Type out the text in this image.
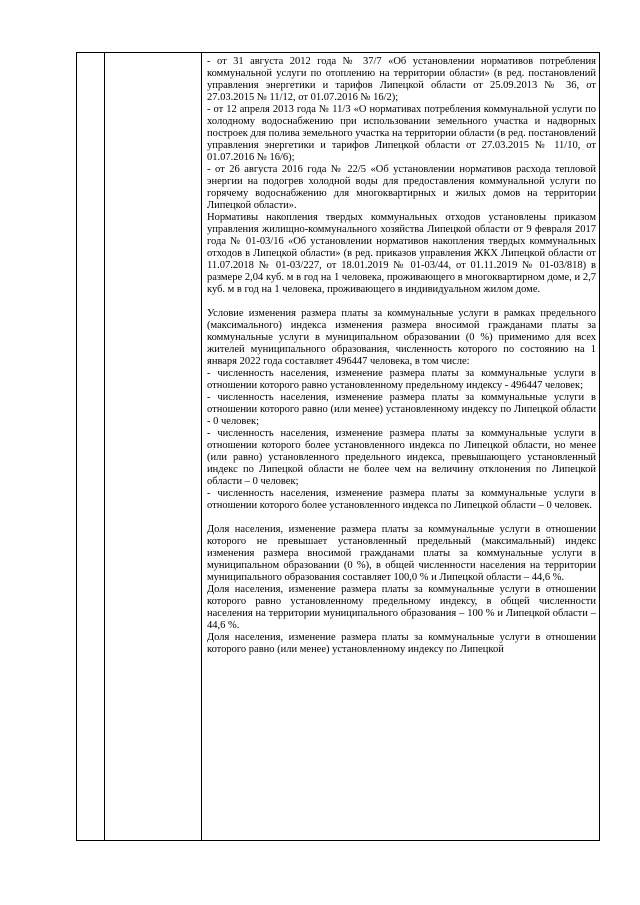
- от 31 августа 2012 года № 37/7 «Об установлении нормативов потребления коммунальной услуги по отоплению на территории области» (в ред. постановлений управления энергетики и тарифов Липецкой области от 25.09.2013 № 36, от 27.03.2015 № 11/12, от 01.07.2016 № 16/2);

- от 12 апреля 2013 года № 11/3 «О нормативах потребления коммунальной услуги по холодному водоснабжению при использовании земельного участка и надворных построек для полива земельного участка на территории области (в ред. постановлений управления энергетики и тарифов Липецкой области от 27.03.2015 № 11/10, от 01.07.2016 № 16/6);

- от 26 августа 2016 года № 22/5 «Об установлении нормативов расхода тепловой энергии на подогрев холодной воды для предоставления коммунальной услуги по горячему водоснабжению для многоквартирных и жилых домов на территории Липецкой области».

Нормативы накопления твердых коммунальных отходов установлены приказом управления жилищно-коммунального хозяйства Липецкой области от 9 февраля 2017 года № 01-03/16 «Об установлении нормативов накопления твердых коммунальных отходов в Липецкой области» (в ред. приказов управления ЖКХ Липецкой области от 11.07.2018 № 01-03/227, от 18.01.2019 № 01-03/44, от 01.11.2019 № 01-03/818) в размере 2,04 куб. м в год на 1 человека, проживающего в многоквартирном доме, и 2,7 куб. м в год на 1 человека, проживающего в индивидуальном жилом доме.

Условие изменения размера платы за коммунальные услуги в рамках предельного (максимального) индекса изменения размера вносимой гражданами платы за коммунальные услуги в муниципальном образовании (0 %) применимо для всех жителей муниципального образования, численность которого по состоянию на 1 января 2022 года составляет 496447 человека, в том числе:

- численность населения, изменение размера платы за коммунальные услуги в отношении которого равно установленному предельному индексу - 496447 человек;

- численность населения, изменение размера платы за коммунальные услуги в отношении которого равно (или менее) установленному индексу по Липецкой области - 0 человек;

- численность населения, изменение размера платы за коммунальные услуги в отношении которого более установленного индекса по Липецкой области, но менее (или равно) установленного предельного индекса, превышающего установленный индекс по Липецкой области не более чем на величину отклонения по Липецкой области – 0 человек;

- численность населения, изменение размера платы за коммунальные услуги в отношении которого более установленного индекса по Липецкой области – 0 человек.

Доля населения, изменение размера платы за коммунальные услуги в отношении которого не превышает установленный предельный (максимальный) индекс изменения размера вносимой гражданами платы за коммунальные услуги в муниципальном образовании (0 %), в общей численности населения на территории муниципального образования составляет 100,0 % и Липецкой области – 44,6 %.

Доля населения, изменение размера платы за коммунальные услуги в отношении которого равно установленному предельному индексу, в общей численности населения на территории муниципального образования – 100 % и Липецкой области – 44,6 %.

Доля населения, изменение размера платы за коммунальные услуги в отношении которого равно (или менее) установленному индексу по Липецкой
